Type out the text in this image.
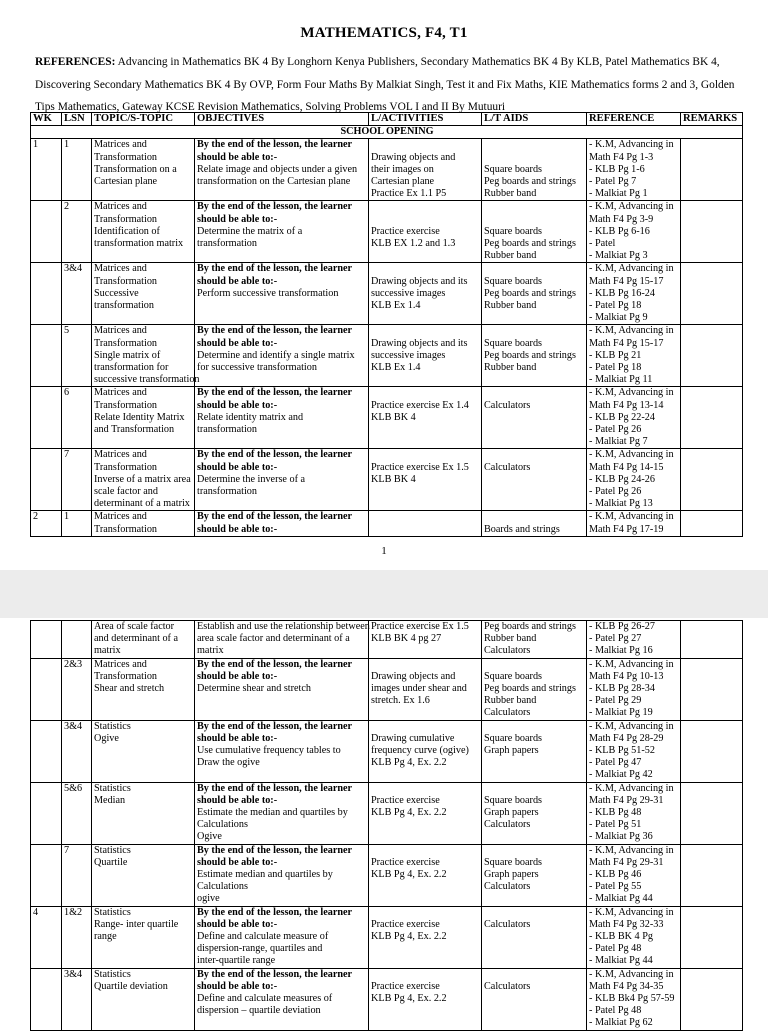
MATHEMATICS, F4, T1
REFERENCES: Advancing in Mathematics BK 4 By Longhorn Kenya Publishers, Secondary Mathematics BK 4 By KLB, Patel Mathematics BK 4, Discovering Secondary Mathematics BK 4 By OVP, Form Four Maths By Malkiat Singh, Test it and Fix Maths, KIE Mathematics forms 2 and 3, Golden Tips Mathematics, Gateway KCSE Revision Mathematics, Solving Problems VOL I and II By Mutuuri
WK	LSN	TOPIC/S-TOPIC	OBJECTIVES	L/ACTIVITIES	L/T AIDS	REFERENCE	REMARKS
SCHOOL OPENING							
1	1	Matrices and
Transformation
Transformation on a
Cartesian plane	By the end of the lesson, the learner
should be able to:-
Relate image and objects under a given
transformation on the Cartesian plane	Drawing objects and
their images on
Cartesian plane
Practice Ex 1.1 P5	Square boards
Peg boards and strings
Rubber band	- K.M, Advancing in
Math F4 Pg 1-3
- KLB Pg 1-6
- Patel Pg 7
- Malkiat Pg 1	

	2	Matrices and
Transformation
Identification of
transformation matrix	By the end of the lesson, the learner
should be able to:-
Determine the matrix of a
transformation	Practice exercise
KLB EX 1.2 and 1.3	Square boards
Peg boards and strings
Rubber band	- K.M, Advancing in
Math F4 Pg 3-9
- KLB Pg 6-16
- Patel
- Malkiat Pg 3	

	3&4	Matrices and
Transformation
Successive
transformation	By the end of the lesson, the learner
should be able to:-
Perform successive transformation	Drawing objects and its
successive images
KLB Ex 1.4	Square boards
Peg boards and strings
Rubber band	- K.M, Advancing in
Math F4 Pg 15-17
- KLB Pg 16-24
- Patel Pg 18
- Malkiat Pg 9	

	5	Matrices and
Transformation
Single matrix of
transformation for
successive transformation	By the end of the lesson, the learner
should be able to:-
Determine and identify a single matrix
for successive transformation	Drawing objects and its
successive images
KLB Ex 1.4	Square boards
Peg boards and strings
Rubber band	- K.M, Advancing in
Math F4 Pg 15-17
- KLB Pg 21
- Patel Pg 18
- Malkiat Pg 11	

	6	Matrices and
Transformation
Relate Identity Matrix
and Transformation	By the end of the lesson, the learner
should be able to:-
Relate identity matrix and
transformation	Practice exercise Ex 1.4
KLB BK 4	Calculators	- K.M, Advancing in
Math F4 Pg 13-14
- KLB Pg 22-24
- Patel Pg 26
- Malkiat Pg 7	

	7	Matrices and
Transformation
Inverse of a matrix area
scale factor and
determinant of a matrix	By the end of the lesson, the learner
should be able to:-
Determine the inverse of a
transformation	Practice exercise Ex 1.5
KLB BK 4	Calculators	- K.M, Advancing in
Math F4 Pg 14-15
- KLB Pg 24-26
- Patel Pg 26
- Malkiat Pg 13	

2	1	Matrices and
Transformation	By the end of the lesson, the learner
should be able to:-		Boards and strings	- K.M, Advancing in
Math F4 Pg 17-19	

1

		Area of scale factor
and determinant of a
matrix	Establish and use the relationship between
area scale factor and determinant of a
matrix	Practice exercise Ex 1.5
KLB BK 4 pg 27	Peg boards and strings
Rubber band
Calculators	- KLB Pg 26-27
- Patel Pg 27
- Malkiat Pg 16	

	2&3	Matrices and
Transformation
Shear and stretch	By the end of the lesson, the learner
should be able to:-
Determine shear and stretch	Drawing objects and
images under shear and
stretch. Ex 1.6	Square boards
Peg boards and strings
Rubber band
Calculators	- K.M, Advancing in
Math F4 Pg 10-13
- KLB Pg 28-34
- Patel Pg 29
- Malkiat Pg 19	

	3&4	Statistics
Ogive	By the end of the lesson, the learner
should be able to:-
Use cumulative frequency tables to
Draw the ogive	Drawing cumulative
frequency curve (ogive)
KLB Pg 4, Ex. 2.2	Square boards
Graph papers	- K.M, Advancing in
Math F4 Pg 28-29
- KLB Pg 51-52
- Patel Pg 47
- Malkiat Pg 42	

	5&6	Statistics
Median	By the end of the lesson, the learner
should be able to:-
Estimate the median and quartiles by
Calculations
Ogive	Practice exercise
KLB Pg 4, Ex. 2.2	Square boards
Graph papers
Calculators	- K.M, Advancing in
Math F4 Pg 29-31
- KLB Pg 48
- Patel Pg 51
- Malkiat Pg 36	

	7	Statistics
Quartile	By the end of the lesson, the learner
should be able to:-
Estimate median and quartiles by
Calculations
ogive	Practice exercise
KLB Pg 4, Ex. 2.2	Square boards
Graph papers
Calculators	- K.M, Advancing in
Math F4 Pg 29-31
- KLB Pg 46
- Patel Pg 55
- Malkiat Pg 44	

4	1&2	Statistics
Range- inter quartile
range	By the end of the lesson, the learner
should be able to:-
Define and calculate measure of
dispersion-range, quartiles and
inter-quartile range	Practice exercise
KLB Pg 4, Ex. 2.2	Calculators	- K.M, Advancing in
Math F4 Pg 32-33
- KLB BK 4 Pg
- Patel Pg 48
- Malkiat Pg 44	

	3&4	Statistics
Quartile deviation	By the end of the lesson, the learner
should be able to:-
Define and calculate measures of
dispersion – quartile deviation	Practice exercise
KLB Pg 4, Ex. 2.2	Calculators	- K.M, Advancing in
Math F4 Pg 34-35
- KLB Bk4 Pg 57-59
- Patel Pg 48
- Malkiat Pg 62	
